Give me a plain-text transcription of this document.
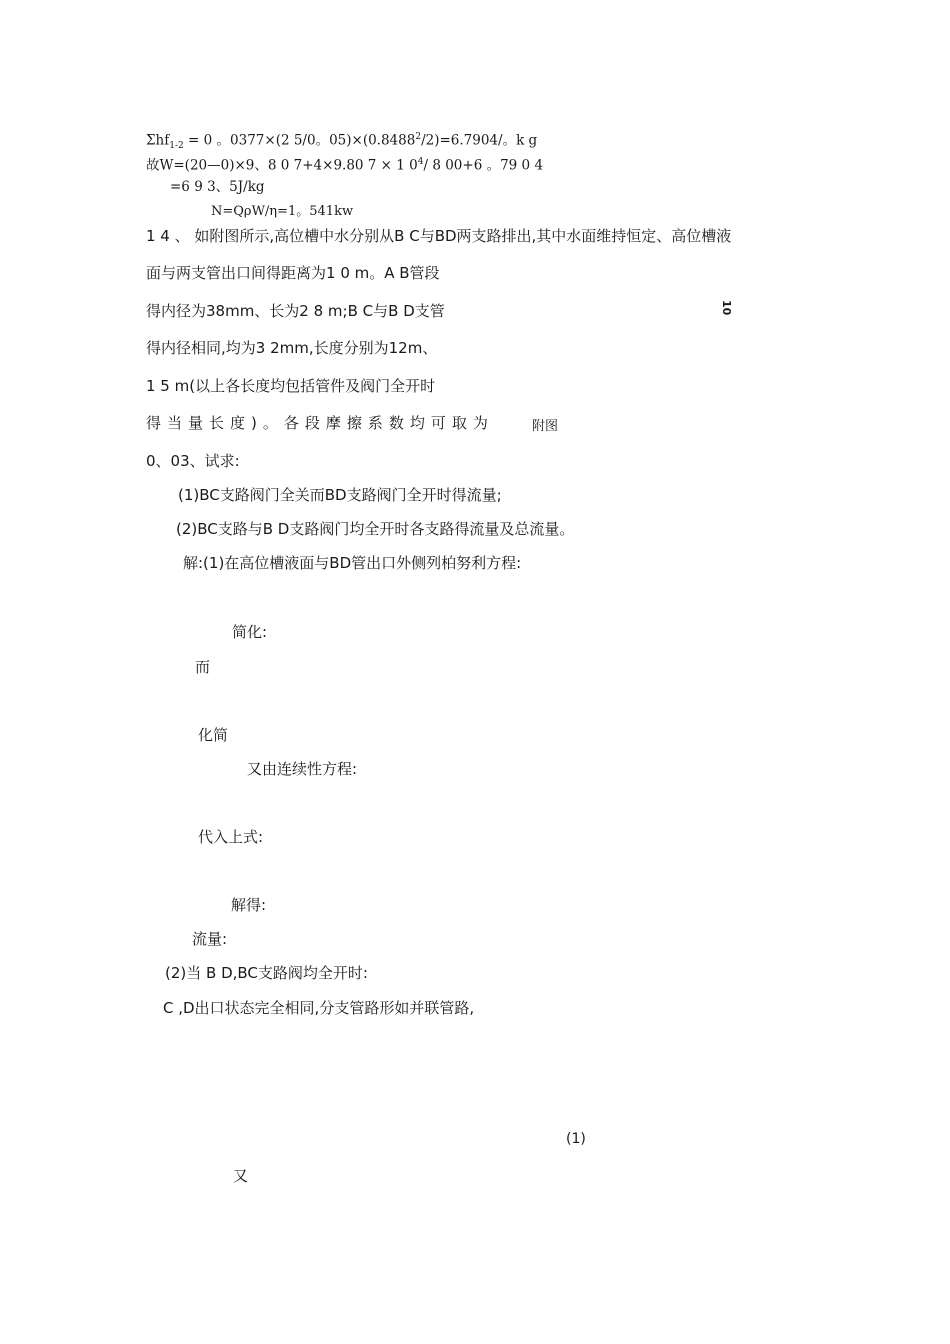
Σhf$_{1-2}$ = 0 。0377×(2 5/0。$05)\times(0.8488^2/2)=6.7904/$。k g
故W=(20—0)×9、8 0 7+4×9.80 7 × 1 $0^4/$ 8 00+6 。79 0 4
=6 9 3、5J/kg
N=QρW/η=1。541kw
1 4 、 如附图所示,高位槽中水分别从B C与BD两支路排出,其中水面维持恒定、高位槽液
面与两支管出口间得距离为1 0 m。A B管段
得内径为38mm、长为2 8 m;B C与B D支管
得内径相同,均为3 2mm,长度分别为12m、
1 5 m(以上各长度均包括管件及阀门全开时
得当量长度)。各段摩擦系数均可取为
0、03、试求:
10
附图
(1)BC支路阀门全关而BD支路阀门全开时得流量;
(2)BC支路与B D支路阀门均全开时各支路得流量及总流量。
解:(1)在高位槽液面与BD管出口外侧列柏努利方程:
简化:
而
化简
又由连续性方程:
代入上式:
解得:
流量:
(2)当 B D,BC支路阀均全开时:
C ,D出口状态完全相同,分支管路形如并联管路,
(1)
又
